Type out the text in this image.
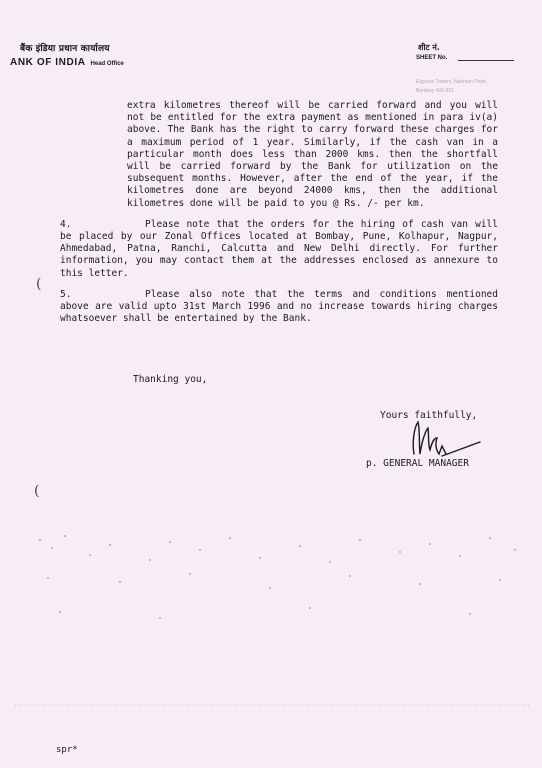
बैंक इंडिया प्रधान कार्यालय
ANK OF INDIA Head Office
शीट नं.
SHEET No.
Express Towers, Nariman Point, Bombay 400 021
extra kilometres thereof will be carried forward and you will not be entitled for the extra payment as mentioned in para iv(a) above. The Bank has the right to carry forward these charges for a maximum period of 1 year. Similarly, if the cash van in a particular month does less than 2000 kms. then the shortfall will be carried forward by the Bank for utilization on the subsequent months. However, after the end of the year, if the kilometres done are beyond 24000 kms, then the additional kilometres done will be paid to you @ Rs. /- per km.
4.	Please note that the orders for the hiring of cash van will be placed by our Zonal Offices located at Bombay, Pune, Kolhapur, Nagpur, Ahmedabad, Patna, Ranchi, Calcutta and New Delhi directly. For further information, you may contact them at the addresses enclosed as annexure to this letter.
5.	Please also note that the terms and conditions mentioned above are valid upto 31st March 1996 and no increase towards hiring charges whatsoever shall be entertained by the Bank.
Thanking you,
Yours faithfully,
p. GENERAL MANAGER
(
(
spr*
